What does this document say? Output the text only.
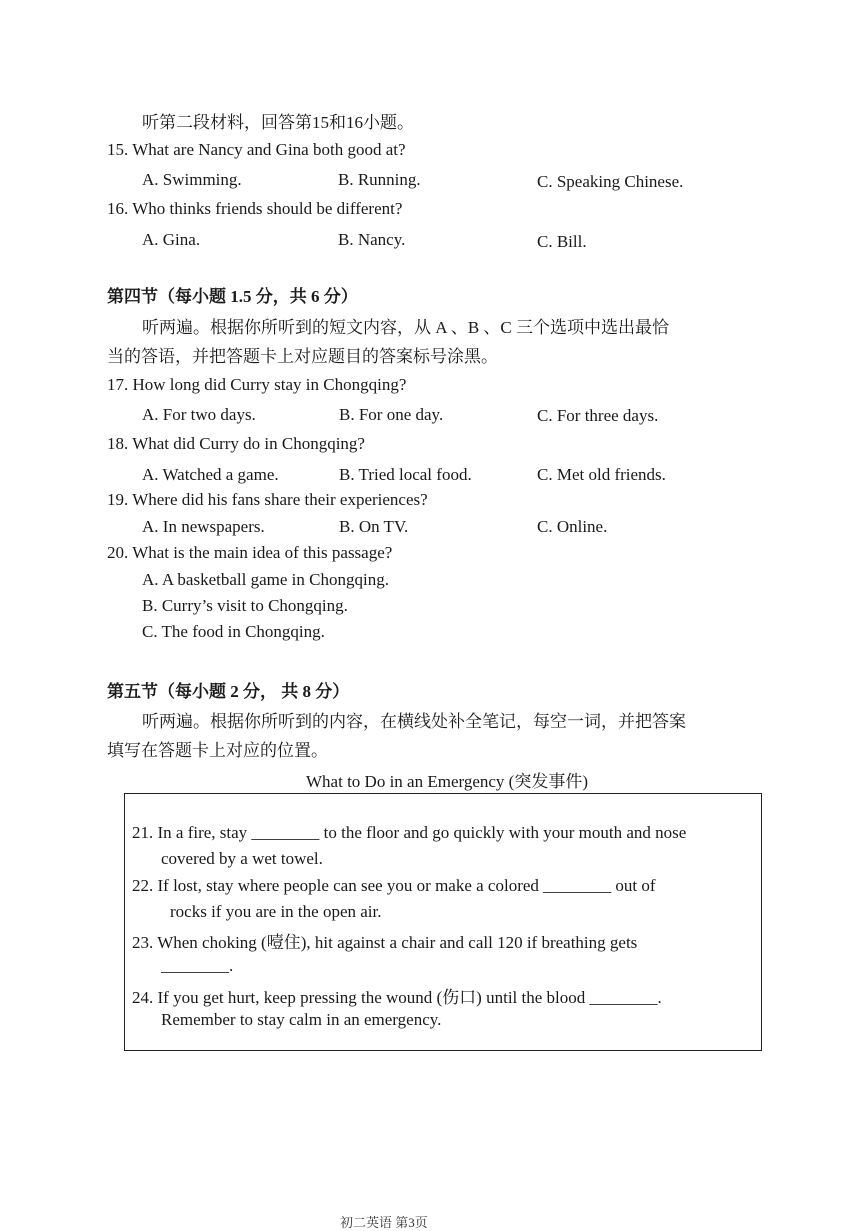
听第二段材料，回答第15和16小题。
15. What are Nancy and Gina both good at?
A. Swimming.	B. Running.	C. Speaking Chinese.
16. Who thinks friends should be different?
A. Gina.	B. Nancy.	C. Bill.
第四节（每小题 1.5 分，共 6 分）
听两遍。根据你所听到的短文内容，从 A 、B 、C 三个选项中选出最恰
当的答语，并把答题卡上对应题目的答案标号涂黑。
17. How long did Curry stay in Chongqing?
A. For two days.	B. For one day.	C. For three days.
18. What did Curry do in Chongqing?
A. Watched a game.	B. Tried local food.	C. Met old friends.
19. Where did his fans share their experiences?
A. In newspapers.	B. On TV.	C. Online.
20. What is the main idea of this passage?
A. A basketball game in Chongqing.
B. Curry’s visit to Chongqing.
C. The food in Chongqing.
第五节（每小题 2 分， 共 8 分）
听两遍。根据你所听到的内容，在横线处补全笔记，每空一词，并把答案
填写在答题卡上对应的位置。
What to Do in an Emergency (突发事件)
21. In a fire, stay ________ to the floor and go quickly with your mouth and nose
covered by a wet towel.
22. If lost, stay where people can see you or make a colored ________ out of
rocks if you are in the open air.
23. When choking (噎住), hit against a chair and call 120 if breathing gets
________.
24. If you get hurt, keep pressing the wound (伤口) until the blood ________.
Remember to stay calm in an emergency.
初二英语 第3页
